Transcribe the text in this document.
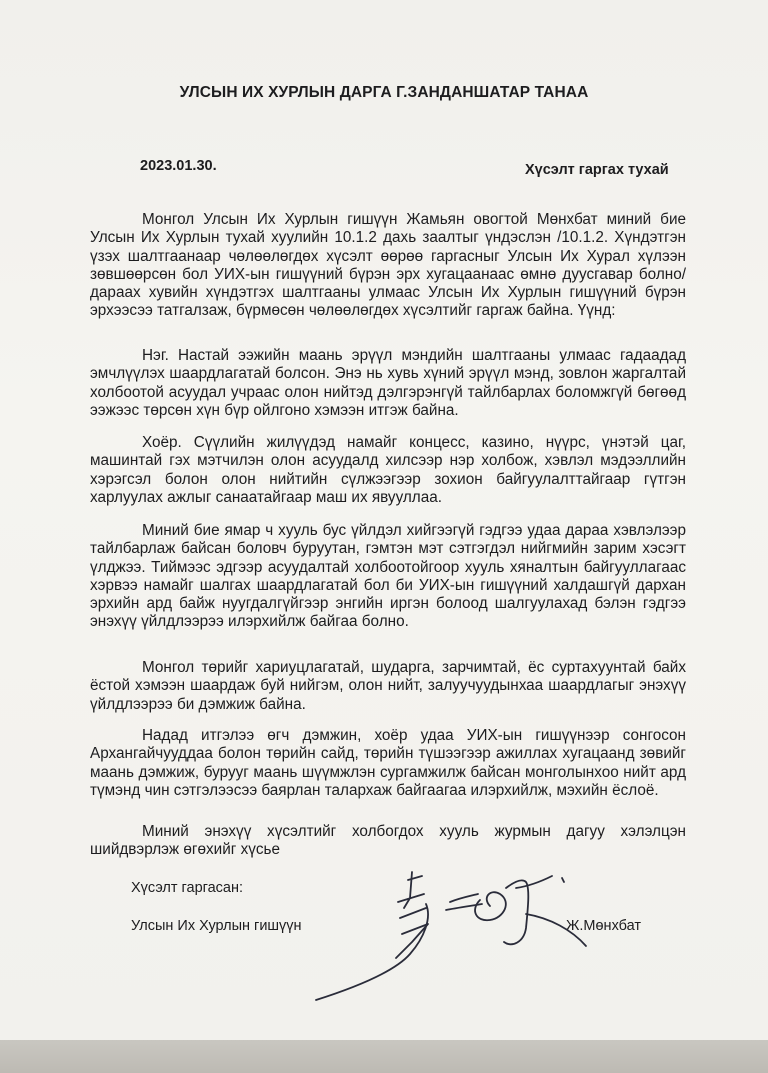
УЛСЫН ИХ ХУРЛЫН ДАРГА Г.ЗАНДАНШАТАР ТАНАА
2023.01.30.	Хүсэлт гаргах тухай

Монгол Улсын Их Хурлын гишүүн Жамьян овогтой Мөнхбат миний бие Улсын Их Хурлын тухай хуулийн 10.1.2 дахь заалтыг үндэслэн /10.1.2. Хүндэтгэн үзэх шалтгаанаар чөлөөлөгдөх хүсэлт өөрөө гаргасныг Улсын Их Хурал хүлээн зөвшөөрсөн бол УИХ-ын гишүүний бүрэн эрх хугацаанаас өмнө дуусгавар болно/ дараах хувийн хүндэтгэх шалтгааны улмаас Улсын Их Хурлын гишүүний бүрэн эрхээсээ татгалзаж, бүрмөсөн чөлөөлөгдөх хүсэлтийг гаргаж байна. Үүнд:

Нэг. Настай ээжийн маань эрүүл мэндийн шалтгааны улмаас гадаадад эмчлүүлэх шаардлагатай болсон. Энэ нь хувь хүний эрүүл мэнд, зовлон жаргалтай холбоотой асуудал учраас олон нийтэд дэлгэрэнгүй тайлбарлах боломжгүй бөгөөд ээжээс төрсөн хүн бүр ойлгоно хэмээн итгэж байна.

Хоёр. Сүүлийн жилүүдэд намайг концесс, казино, нүүрс, үнэтэй цаг, машинтай гэх мэтчилэн олон асуудалд хилсээр нэр холбож, хэвлэл мэдээллийн хэрэгсэл болон олон нийтийн сүлжээгээр зохион байгуулалттайгаар гүтгэн харлуулах ажлыг санаатайгаар маш их явууллаа.

Миний бие ямар ч хууль бус үйлдэл хийгээгүй гэдгээ удаа дараа хэвлэлээр тайлбарлаж байсан боловч буруутан, гэмтэн мэт сэтгэгдэл нийгмийн зарим хэсэгт үлджээ. Тиймээс эдгээр асуудалтай холбоотойгоор хууль хяналтын байгууллагаас хэрвээ намайг шалгах шаардлагатай бол би УИХ-ын гишүүний халдашгүй дархан эрхийн ард байж нуугдалгүйгээр энгийн иргэн болоод шалгуулахад бэлэн гэдгээ энэхүү үйлдлээрээ илэрхийлж байгаа болно.

Монгол төрийг хариуцлагатай, шударга, зарчимтай, ёс суртахуунтай байх ёстой хэмээн шаардаж буй нийгэм, олон нийт, залуучуудынхаа шаардлагыг энэхүү үйлдлээрээ би дэмжиж байна.

Надад итгэлээ өгч дэмжин, хоёр удаа УИХ-ын гишүүнээр сонгосон Архангайчууддаа болон төрийн сайд, төрийн түшээгээр ажиллах хугацаанд зөвийг маань дэмжиж, бурууг маань шүүмжлэн сургамжилж байсан монголынхоо нийт ард түмэнд чин сэтгэлээсээ баярлан талархаж байгаагаа илэрхийлж, мэхийн ёслоё.

Миний энэхүү хүсэлтийг холбогдох хууль журмын дагуу хэлэлцэн шийдвэрлэж өгөхийг хүсье

Хүсэлт гаргасан:
Улсын Их Хурлын гишүүн	Ж.Мөнхбат
